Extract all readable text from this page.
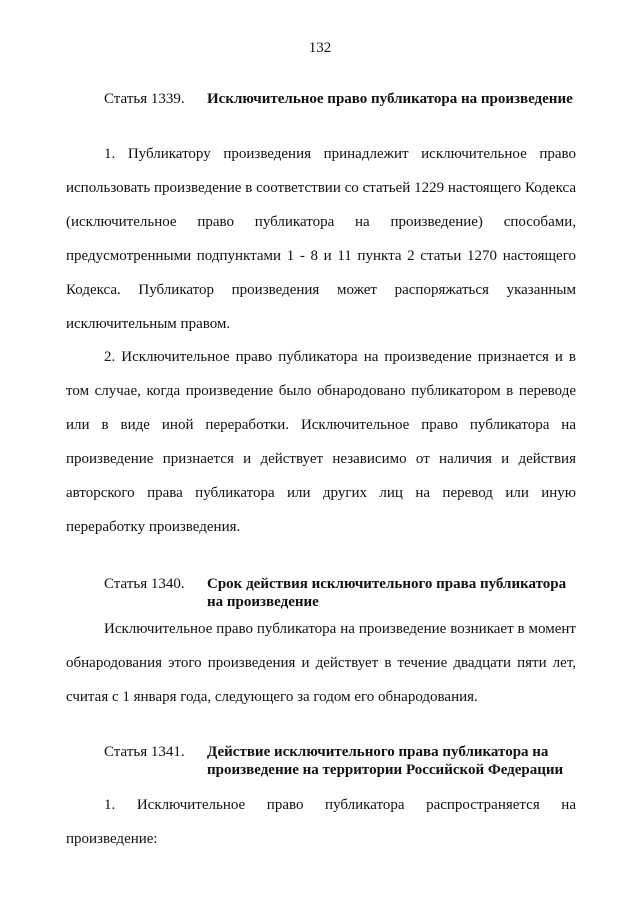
132
Статья 1339.	Исключительное право публикатора на произведение

1. Публикатору произведения принадлежит исключительное право использовать произведение в соответствии со статьей 1229 настоящего Кодекса (исключительное право публикатора на произведение) способами, предусмотренными подпунктами 1 - 8 и 11 пункта 2 статьи 1270 настоящего Кодекса. Публикатор произведения может распоряжаться указанным исключительным правом.

2. Исключительное право публикатора на произведение признается и в том случае, когда произведение было обнародовано публикатором в переводе или в виде иной переработки. Исключительное право публикатора на произведение признается и действует независимо от наличия и действия авторского права публикатора или других лиц на перевод или иную переработку произведения.

Статья 1340.	Срок действия исключительного права публикатора на произведение

Исключительное право публикатора на произведение возникает в момент обнародования этого произведения и действует в течение двадцати пяти лет, считая с 1 января года, следующего за годом его обнародования.

Статья 1341.	Действие исключительного права публикатора на произведение на территории Российской Федерации

1. Исключительное право публикатора распространяется на произведение:
